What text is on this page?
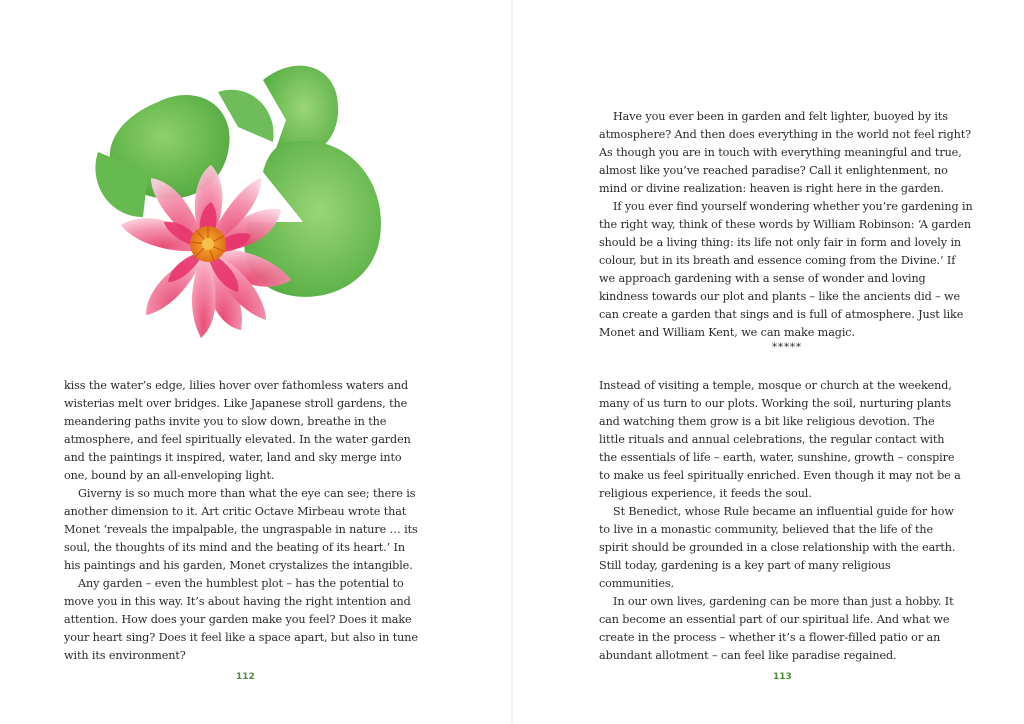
kiss the water’s edge, lilies hover over fathomless waters and wisterias melt over bridges. Like Japanese stroll gardens, the meandering paths invite you to slow down, breathe in the atmosphere, and feel spiritually elevated. In the water garden and the paintings it inspired, water, land and sky merge into one, bound by an all-enveloping light.

Giverny is so much more than what the eye can see; there is another dimension to it. Art critic Octave Mirbeau wrote that Monet ‘reveals the impalpable, the ungraspable in nature … its soul, the thoughts of its mind and the beating of its heart.’ In his paintings and his garden, Monet crystalizes the intangible.

Any garden – even the humblest plot – has the potential to move you in this way. It’s about having the right intention and attention. How does your garden make you feel? Does it make your heart sing? Does it feel like a space apart, but also in tune with its environment?

112

Have you ever been in garden and felt lighter, buoyed by its atmosphere? And then does everything in the world not feel right? As though you are in touch with everything meaningful and true, almost like you’ve reached paradise? Call it enlightenment, no mind or divine realization: heaven is right here in the garden.

If you ever find yourself wondering whether you’re gardening in the right way, think of these words by William Robinson: ‘A garden should be a living thing: its life not only fair in form and lovely in colour, but in its breath and essence coming from the Divine.’ If we approach gardening with a sense of wonder and loving kindness towards our plot and plants – like the ancients did – we can create a garden that sings and is full of atmosphere. Just like Monet and William Kent, we can make magic.

*****

Instead of visiting a temple, mosque or church at the weekend, many of us turn to our plots. Working the soil, nurturing plants and watching them grow is a bit like religious devotion. The little rituals and annual celebrations, the regular contact with the essentials of life – earth, water, sunshine, growth – conspire to make us feel spiritually enriched. Even though it may not be a religious experience, it feeds the soul.

St Benedict, whose Rule became an influential guide for how to live in a monastic community, believed that the life of the spirit should be grounded in a close relationship with the earth. Still today, gardening is a key part of many religious communities.

In our own lives, gardening can be more than just a hobby. It can become an essential part of our spiritual life. And what we create in the process – whether it’s a flower-filled patio or an abundant allotment – can feel like paradise regained.

113
